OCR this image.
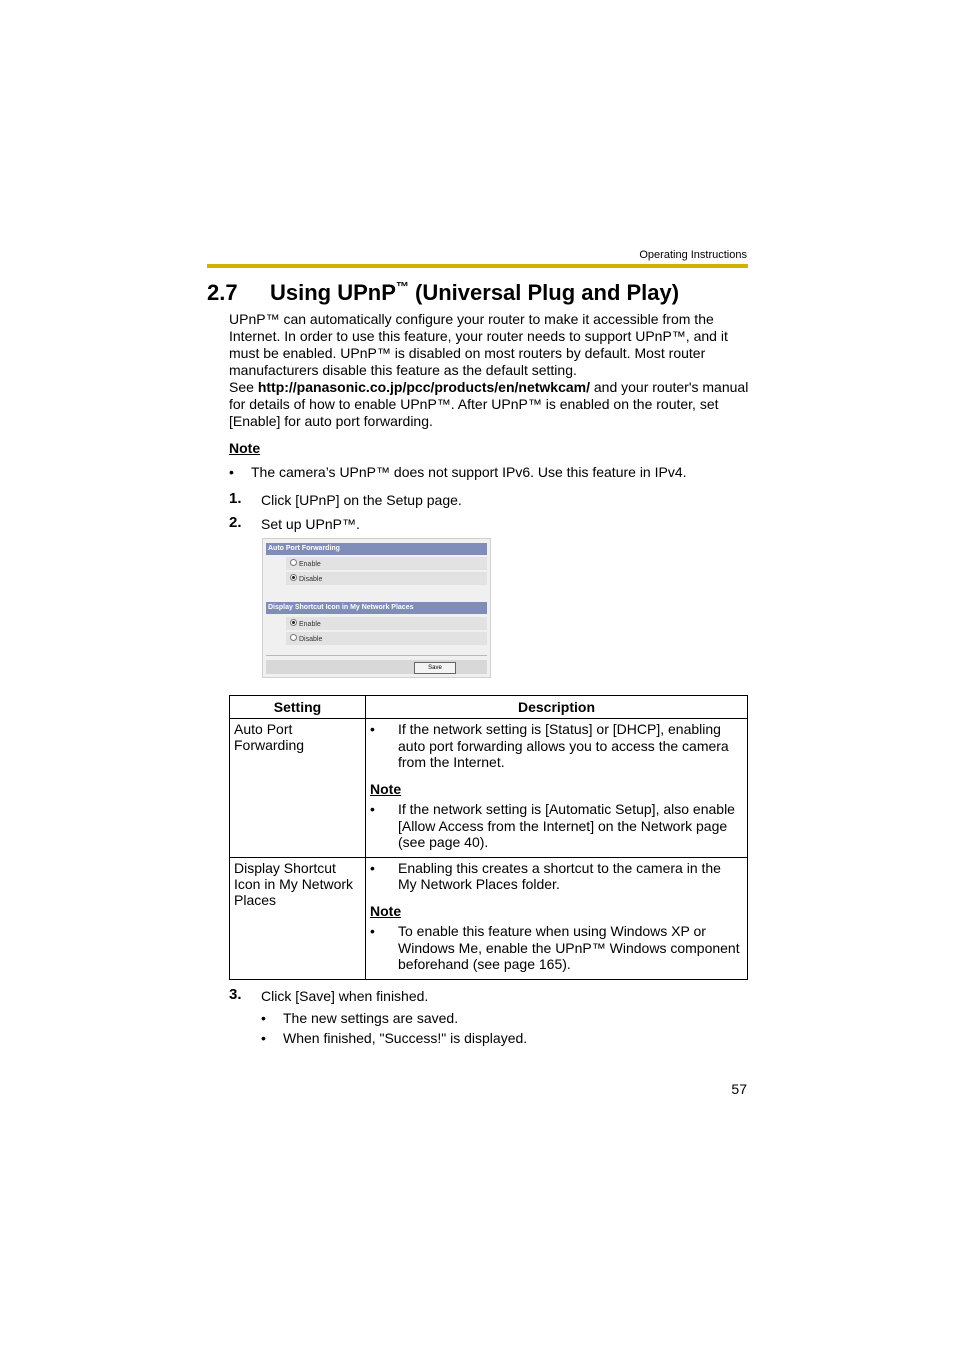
Operating Instructions
2.7 Using UPnP™ (Universal Plug and Play)
UPnP™ can automatically configure your router to make it accessible from the Internet. In order to use this feature, your router needs to support UPnP™, and it must be enabled. UPnP™ is disabled on most routers by default. Most router manufacturers disable this feature as the default setting.
See http://panasonic.co.jp/pcc/products/en/netwkcam/ and your router's manual for details of how to enable UPnP™. After UPnP™ is enabled on the router, set [Enable] for auto port forwarding.
Note
• The camera’s UPnP™ does not support IPv6. Use this feature in IPv4.
1. Click [UPnP] on the Setup page.
2. Set up UPnP™.
Auto Port Forwarding
Enable
Disable
Display Shortcut Icon in My Network Places
Enable
Disable
Save
Setting	Description
Auto Port Forwarding	• If the network setting is [Status] or [DHCP], enabling auto port forwarding allows you to access the camera from the Internet.
Note
• If the network setting is [Automatic Setup], also enable [Allow Access from the Internet] on the Network page (see page 40).

Display Shortcut Icon in My Network Places	• Enabling this creates a shortcut to the camera in the My Network Places folder.
Note
• To enable this feature when using Windows XP or Windows Me, enable the UPnP™ Windows component beforehand (see page 165).
3. Click [Save] when finished.
• The new settings are saved.
• When finished, "Success!" is displayed.
57
